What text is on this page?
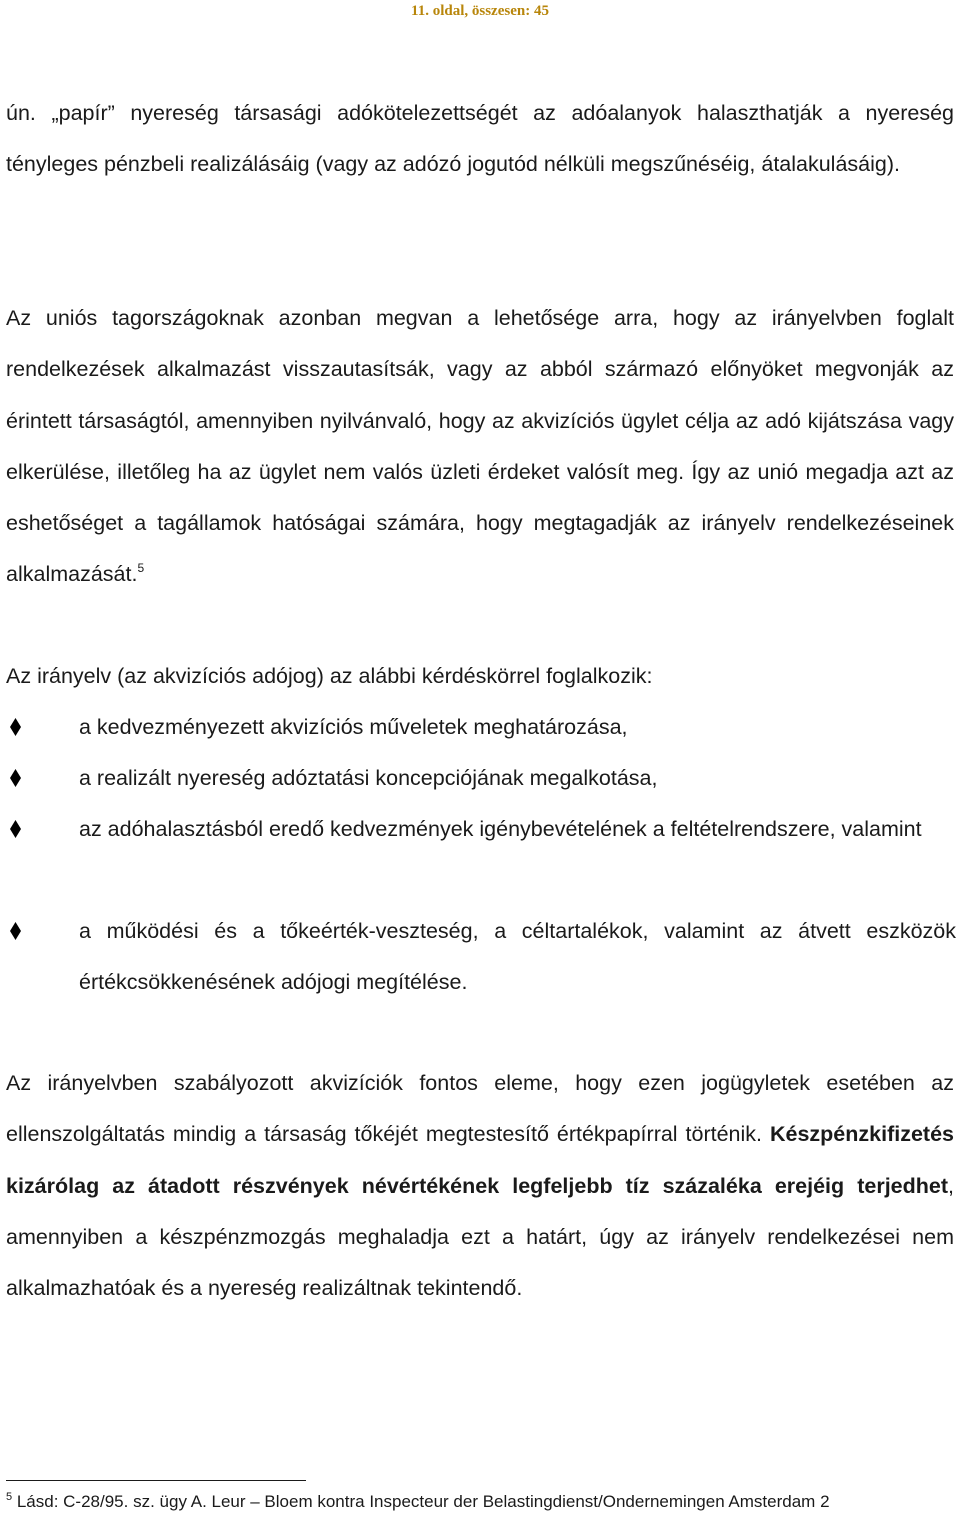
11. oldal, összesen: 45

ún. „papír” nyereség társasági adókötelezettségét az adóalanyok halaszthatják a nyereség tényleges pénzbeli realizálásáig (vagy az adózó jogutód nélküli megszűnéséig, átalakulásáig).

Az uniós tagországoknak azonban megvan a lehetősége arra, hogy az irányelvben foglalt rendelkezések alkalmazást visszautasítsák, vagy az abból származó előnyöket megvonják az érintett társaságtól, amennyiben nyilvánvaló, hogy az akvizíciós ügylet célja az adó kijátszása vagy elkerülése, illetőleg ha az ügylet nem valós üzleti érdeket valósít meg. Így az unió megadja azt az eshetőséget a tagállamok hatóságai számára, hogy megtagadják az irányelv rendelkezéseinek alkalmazását.$^5$

Az irányelv (az akvizíciós adójog) az alábbi kérdéskörrel foglalkozik:

a kedvezményezett akvizíciós műveletek meghatározása,

a realizált nyereség adóztatási koncepciójának megalkotása,

az adóhalasztásból eredő kedvezmények igénybevételének a feltételrendszere, valamint

a működési és a tőkeérték-veszteség, a céltartalékok, valamint az átvett eszközök értékcsökkenésének adójogi megítélése.

Az irányelvben szabályozott akvizíciók fontos eleme, hogy ezen jogügyletek esetében az ellenszolgáltatás mindig a társaság tőkéjét megtestesítő értékpapírral történik. Készpénzkifizetés kizárólag az átadott részvények névértékének legfeljebb tíz százaléka erejéig terjedhet, amennyiben a készpénzmozgás meghaladja ezt a határt, úgy az irányelv rendelkezései nem alkalmazhatóak és a nyereség realizáltnak tekintendő.

$^5$ Lásd: C-28/95. sz. ügy A. Leur – Bloem kontra Inspecteur der Belastingdienst/Ondernemingen Amsterdam 2
